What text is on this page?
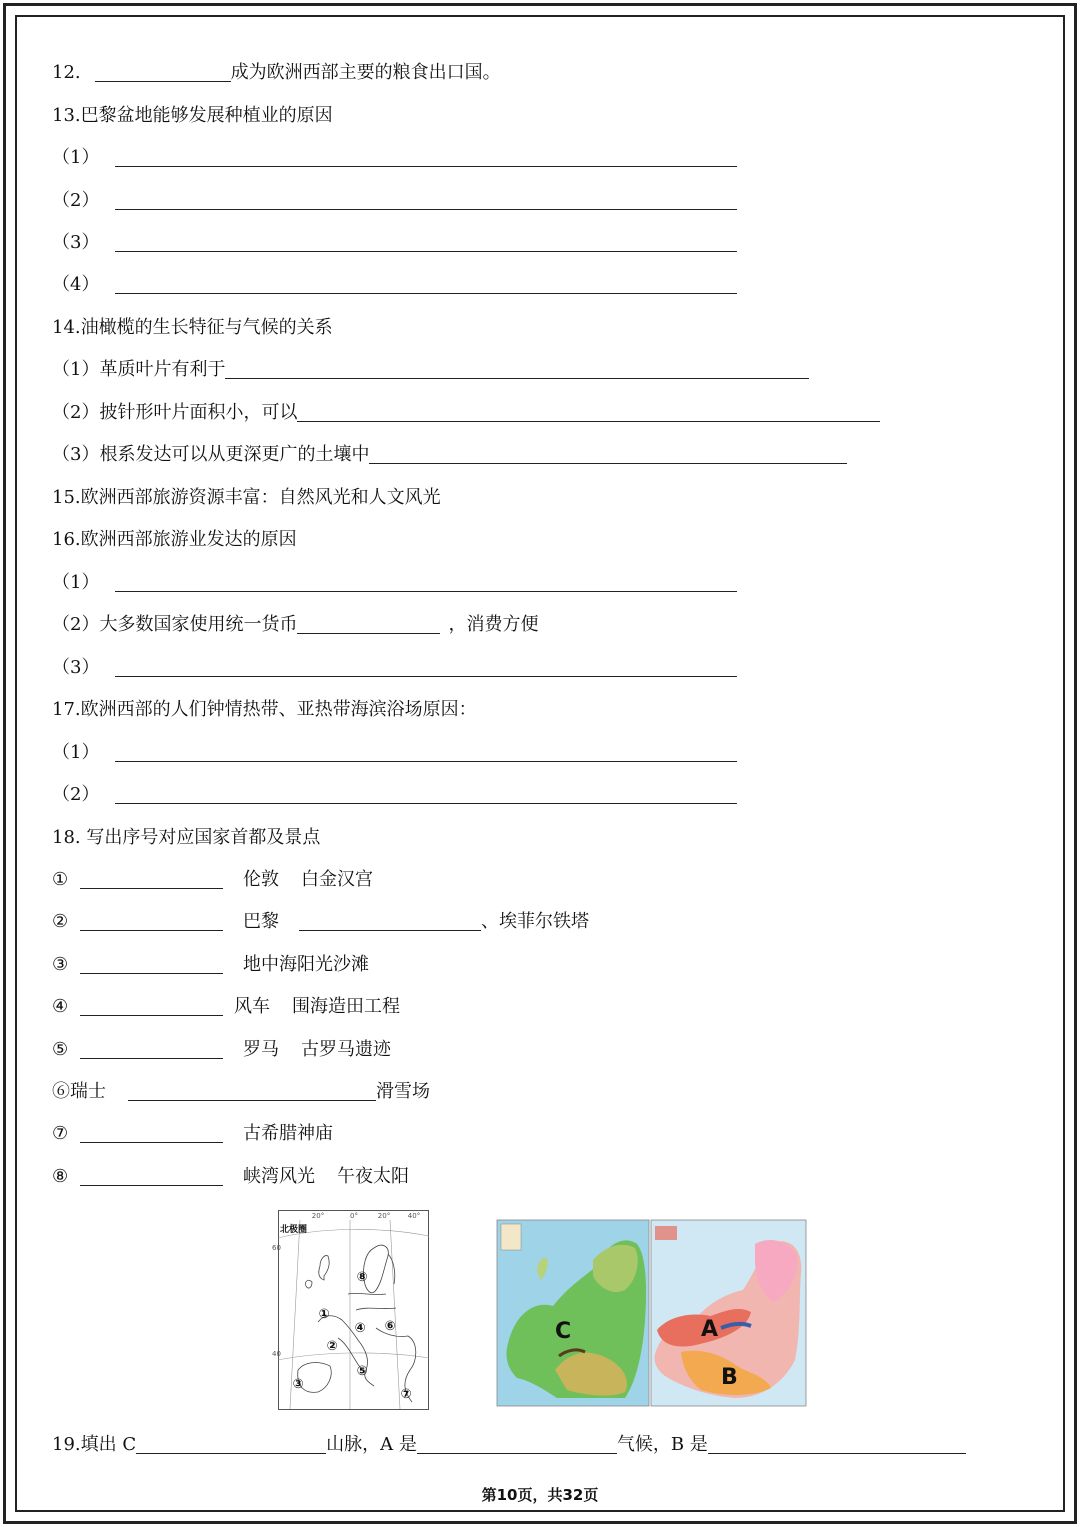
12.	成为欧洲西部主要的粮食出口国。
13.巴黎盆地能够发展种植业的原因
（1）
（2）
（3）
（4）
14.油橄榄的生长特征与气候的关系
（1）革质叶片有利于
（2）披针形叶片面积小，可以
（3）根系发达可以从更深更广的土壤中
15.欧洲西部旅游资源丰富：自然风光和人文风光
16.欧洲西部旅游业发达的原因
（1）
（2）大多数国家使用统一货币	，消费方便
（3）
17.欧洲西部的人们钟情热带、亚热带海滨浴场原因：
（1）
（2）
18. 写出序号对应国家首都及景点
①	伦敦 白金汉宫
②	巴黎	、埃菲尔铁塔
③	地中海阳光沙滩
④	风车 围海造田工程
⑤	罗马 古罗马遗迹
⑥瑞士	滑雪场
⑦	古希腊神庙
⑧	峡湾风光 午夜太阳
20°	0°	20°	40°
60
40
北极圈
①
②
③
④
⑤
⑥
⑦
⑧
C	A
B
19.填出 C	山脉，A 是	气候，B 是
第10页，共32页
